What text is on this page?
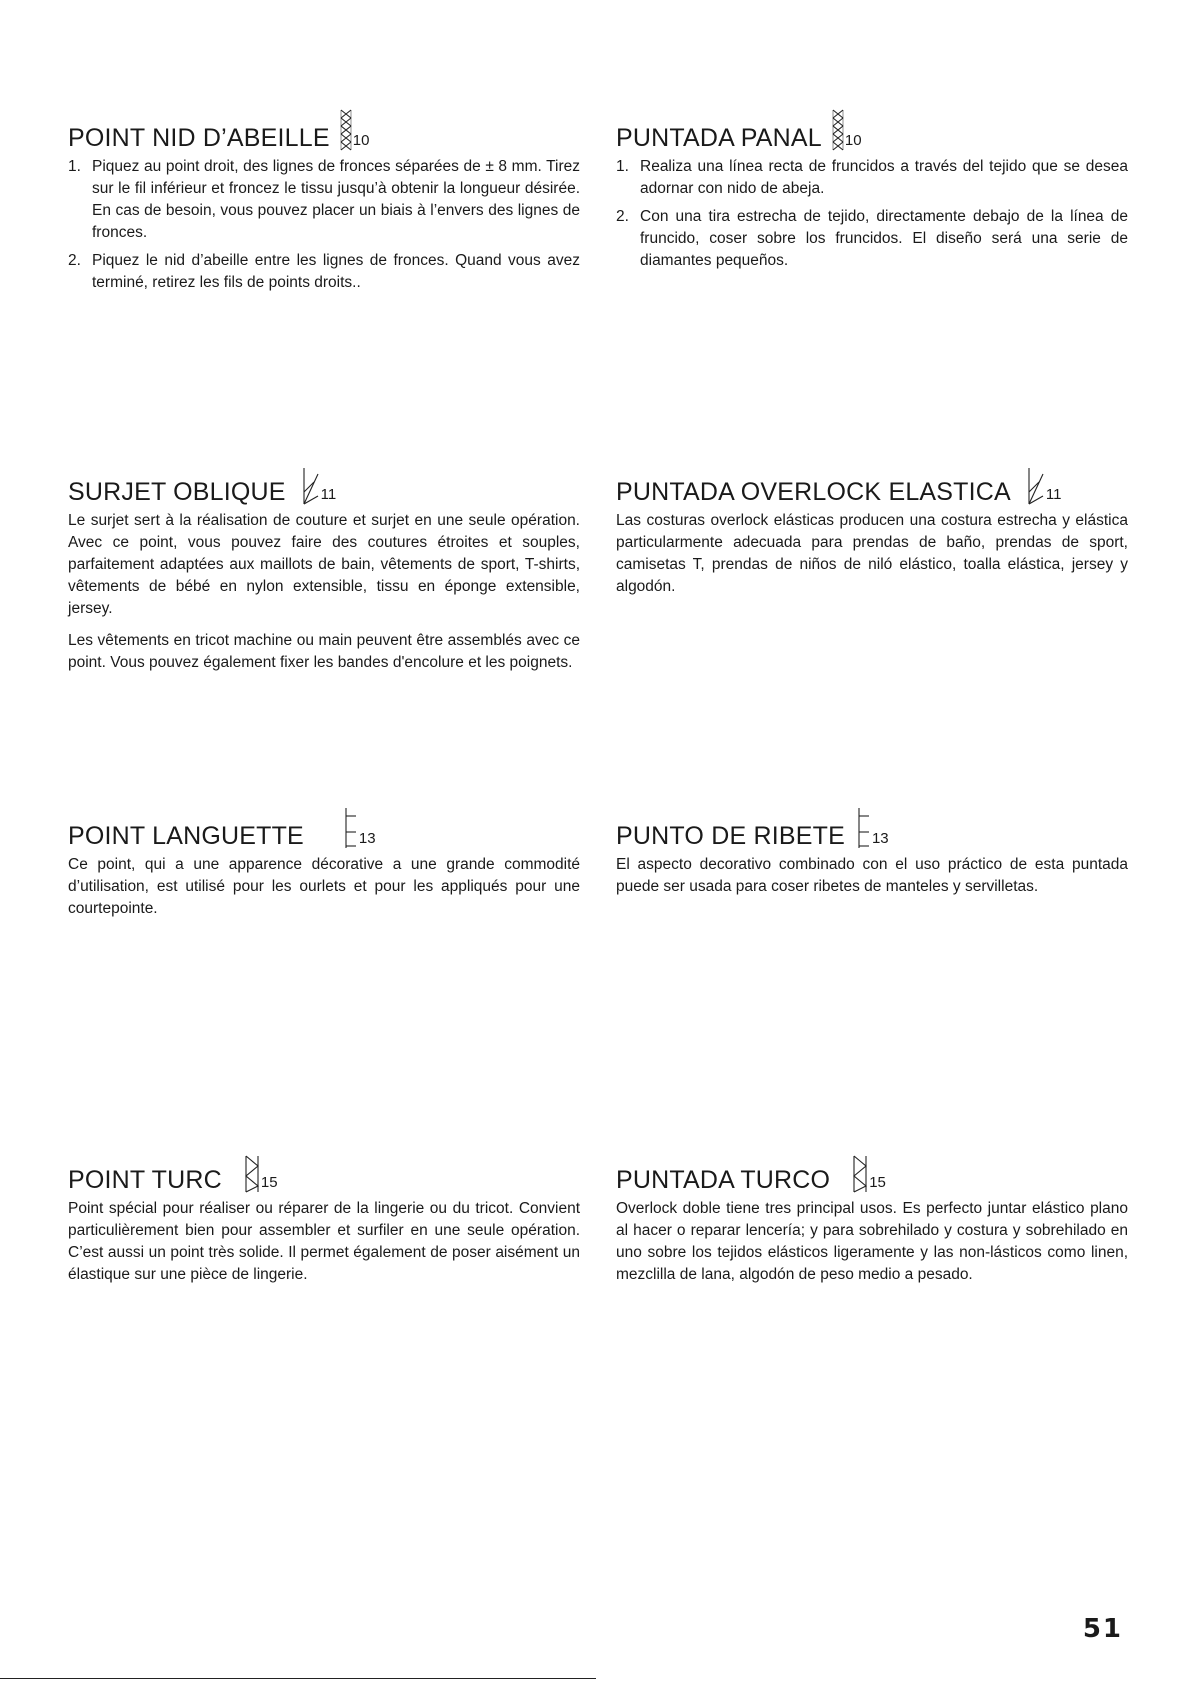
POINT NID D’ABEILLE 10
1. Piquez au point droit, des lignes de fronces séparées de ± 8 mm. Tirez sur le fil inférieur et froncez le tissu jusqu’à obtenir la longueur désirée. En cas de besoin, vous pouvez placer un biais à l’envers des lignes de fronces.
2. Piquez le nid d’abeille entre les lignes de fronces. Quand vous avez terminé, retirez les fils de points droits..
PUNTADA PANAL 10
1. Realiza una línea recta de fruncidos a través del tejido que se desea adornar con nido de abeja.
2. Con una tira estrecha de tejido, directamente debajo de la línea de fruncido, coser sobre los fruncidos. El diseño será una serie de diamantes pequeños.
SURJET OBLIQUE 11

Le surjet sert à la réalisation de couture et surjet en une seule opération. Avec ce point, vous pouvez faire des coutures étroites et souples, parfaitement adaptées aux maillots de bain, vêtements de sport, T-shirts, vêtements de bébé en nylon extensible, tissu en éponge extensible, jersey.

Les vêtements en tricot machine ou main peuvent être assemblés avec ce point. Vous pouvez également fixer les bandes d'encolure et les poignets.

PUNTADA OVERLOCK ELASTICA 11

Las costuras overlock elásticas producen una costura estrecha y elástica particularmente adecuada para prendas de baño, prendas de sport, camisetas T, prendas de niños de niló elástico, toalla elástica, jersey y algodón.

POINT LANGUETTE	13

Ce point, qui a une apparence décorative a une grande commodité d’utilisation, est utilisé pour les ourlets et pour les appliqués pour une courtepointe.

PUNTO DE RIBETE 13

El aspecto decorativo combinado con el uso práctico de esta puntada puede ser usada para coser ribetes de manteles y servilletas.

POINT TURC	15

Point spécial pour réaliser ou réparer de la lingerie ou du tricot. Convient particulièrement bien pour assembler et surfiler en une seule opération. C’est aussi un point très solide. Il permet également de poser aisément un élastique sur une pièce de lingerie.

PUNTADA TURCO	15

Overlock doble tiene tres principal usos. Es perfecto juntar elástico plano al hacer o reparar lencería; y para sobrehilado y costura y sobrehilado en uno sobre los tejidos elásticos ligeramente y las non-lásticos como linen, mezclilla de lana, algodón de peso medio a pesado.

51
